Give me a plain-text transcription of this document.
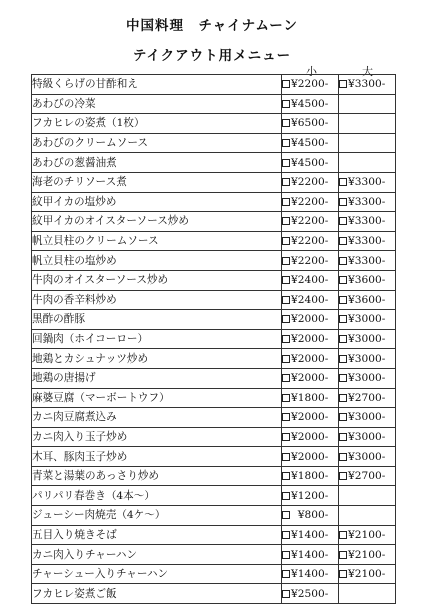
中国料理　チャイナムーン
テイクアウト用メニュー
小	大
特級くらげの甘酢和え	¥2200-	¥3300-
あわびの冷菜	¥4500-	
フカヒレの姿煮（1枚）	¥6500-	
あわびのクリームソース	¥4500-	
あわびの葱醤油煮	¥4500-	
海老のチリソース煮	¥2200-	¥3300-
紋甲イカの塩炒め	¥2200-	¥3300-
紋甲イカのオイスターソース炒め	¥2200-	¥3300-
帆立貝柱のクリームソース	¥2200-	¥3300-
帆立貝柱の塩炒め	¥2200-	¥3300-
牛肉のオイスターソース炒め	¥2400-	¥3600-
牛肉の香辛料炒め	¥2400-	¥3600-
黒酢の酢豚	¥2000-	¥3000-
回鍋肉（ホイコーロー）	¥2000-	¥3000-
地鶏とカシュナッツ炒め	¥2000-	¥3000-
地鶏の唐揚げ	¥2000-	¥3000-
麻婆豆腐（マーボートウフ）	¥1800-	¥2700-
カニ肉豆腐煮込み	¥2000-	¥3000-
カニ肉入り玉子炒め	¥2000-	¥3000-
木耳、豚肉玉子炒め	¥2000-	¥3000-
青菜と湯葉のあっさり炒め	¥1800-	¥2700-
パリパリ春巻き（4本～）	¥1200-	
ジューシー肉焼売（4ケ～）	¥800-	
五目入り焼きそば	¥1400-	¥2100-
カニ肉入りチャーハン	¥1400-	¥2100-
チャーシュー入りチャーハン	¥1400-	¥2100-
フカヒレ姿煮ご飯	¥2500-	
